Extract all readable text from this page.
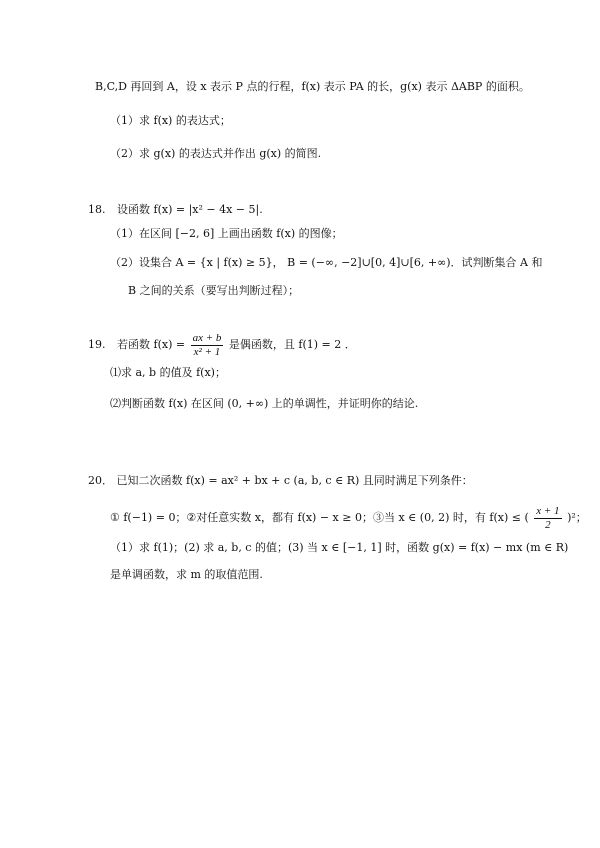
B,C,D 再回到 A，设 x 表示 P 点的行程，f(x) 表示 PA 的长，g(x) 表示 ΔABP 的面积。
（1）求 f(x) 的表达式；
（2）求 g(x) 的表达式并作出 g(x) 的简图.
18. 设函数 f(x) = |x² − 4x − 5|.
（1）在区间 [−2, 6] 上画出函数 f(x) 的图像；
（2）设集合 A = {x | f(x) ≥ 5}， B = (−∞, −2]∪[0, 4]∪[6, +∞)．试判断集合 A 和
B 之间的关系（要写出判断过程）；
19. 若函数 $f(x) = \frac{ax + b}{\text{x² + 1}}$ 是偶函数，且 f(1) = 2 ．
⑴求 a, b 的值及 f(x)；
⑵判断函数 f(x) 在区间 (0, +∞) 上的单调性，并证明你的结论.
20． 已知二次函数 f(x) = ax² + bx + c (a, b, c ∈ R) 且同时满足下列条件：
① f(−1) = 0；②对任意实数 x，都有 f(x) − x ≥ 0；③当 x ∈ (0, 2) 时，有 f(x) ≤ ( $\frac{x + 1}{2} )^2$；
（1）求 f(1)；(2) 求 a, b, c 的值；(3) 当 x ∈ [−1, 1] 时，函数 g(x) = f(x) − mx (m ∈ R)
是单调函数，求 m 的取值范围.
